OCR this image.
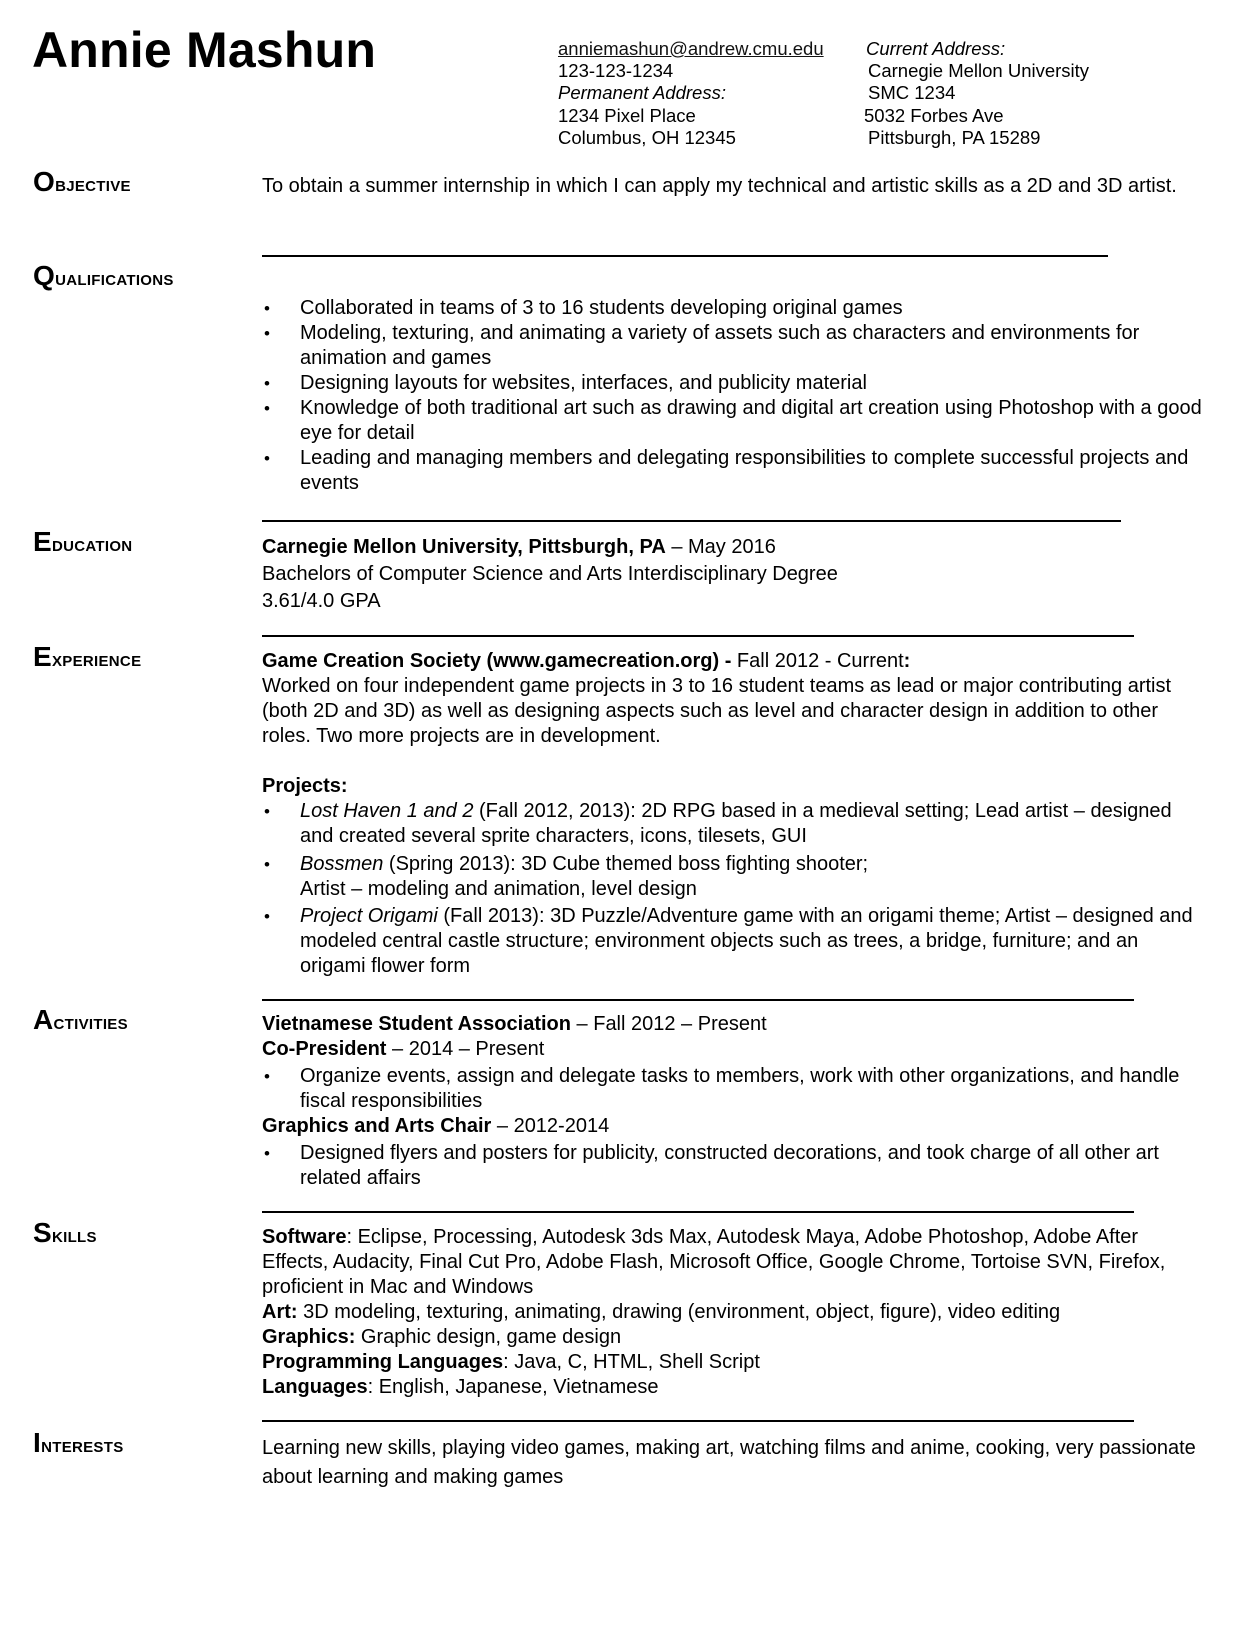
Annie Mashun	anniemashun@andrew.cmu.edu
123-123-1234
Permanent Address:
1234 Pixel Place
Columbus, OH 12345
Current Address:
Carnegie Mellon University
SMC 1234
5032 Forbes Ave
Pittsburgh, PA 15289
Objective	To obtain a summer internship in which I can apply my technical and artistic skills as a 2D and 3D artist.

Qualifications
• Collaborated in teams of 3 to 16 students developing original games
• Modeling, texturing, and animating a variety of assets such as characters and environments for animation and games
• Designing layouts for websites, interfaces, and publicity material
• Knowledge of both traditional art such as drawing and digital art creation using Photoshop with a good eye for detail
• Leading and managing members and delegating responsibilities to complete successful projects and events
Education	Carnegie Mellon University, Pittsburgh, PA – May 2016

Bachelors of Computer Science and Arts Interdisciplinary Degree

3.61/4.0 GPA

Experience	Game Creation Society (www.gamecreation.org) - Fall 2012 - Current:

Worked on four independent game projects in 3 to 16 student teams as lead or major contributing artist (both 2D and 3D) as well as designing aspects such as level and character design in addition to other roles. Two more projects are in development.

Projects:

• Lost Haven 1 and 2 (Fall 2012, 2013): 2D RPG based in a medieval setting; Lead artist – designed and created several sprite characters, icons, tilesets, GUI
• Bossmen (Spring 2013): 3D Cube themed boss fighting shooter;
Artist – modeling and animation, level design
• Project Origami (Fall 2013): 3D Puzzle/Adventure game with an origami theme; Artist – designed and modeled central castle structure; environment objects such as trees, a bridge, furniture; and an origami flower form
Activities	Vietnamese Student Association – Fall 2012 – Present

Co-President – 2014 – Present

• Organize events, assign and delegate tasks to members, work with other organizations, and handle fiscal responsibilities

Graphics and Arts Chair – 2012-2014

• Designed flyers and posters for publicity, constructed decorations, and took charge of all other art related affairs
Skills	Software: Eclipse, Processing, Autodesk 3ds Max, Autodesk Maya, Adobe Photoshop, Adobe After Effects, Audacity, Final Cut Pro, Adobe Flash, Microsoft Office, Google Chrome, Tortoise SVN, Firefox, proficient in Mac and Windows

Art: 3D modeling, texturing, animating, drawing (environment, object, figure), video editing

Graphics: Graphic design, game design

Programming Languages: Java, C, HTML, Shell Script

Languages: English, Japanese, Vietnamese

Interests	Learning new skills, playing video games, making art, watching films and anime, cooking, very passionate about learning and making games
